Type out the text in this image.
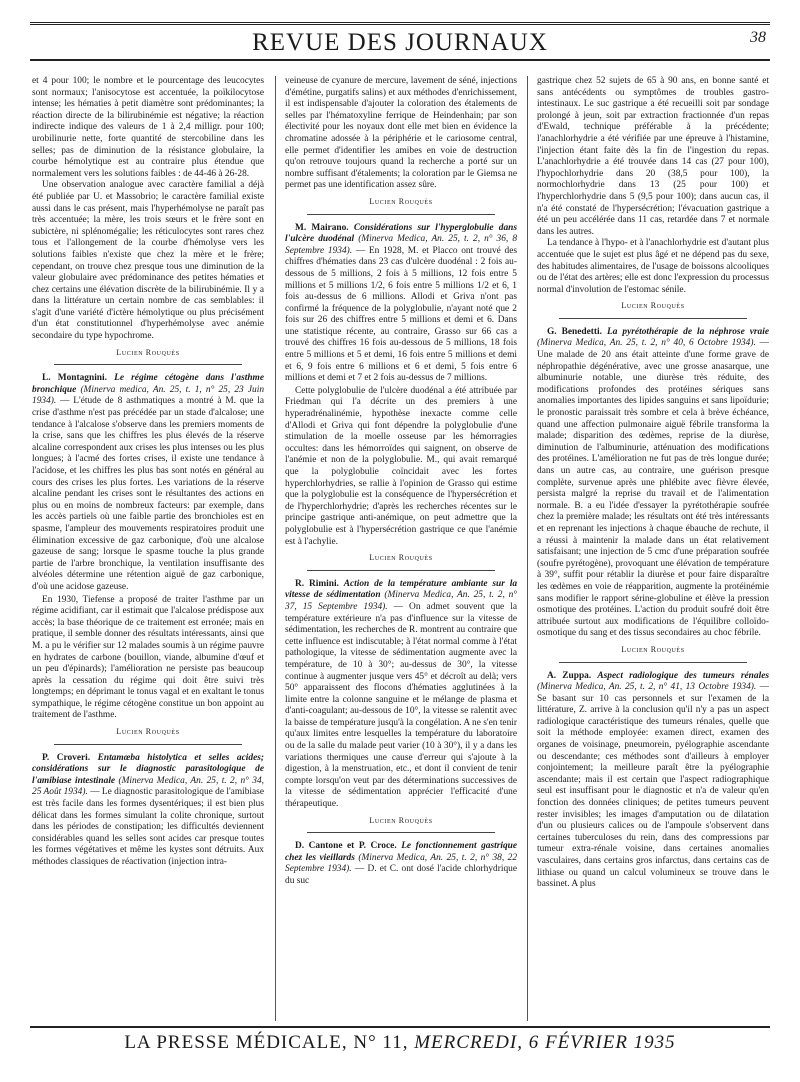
REVUE DES JOURNAUX	38

et 4 pour 100; le nombre et le pourcentage des leucocytes sont normaux; l'anisocytose est accentuée, la poïkilocytose intense; les hématies à petit diamètre sont prédominantes; la réaction directe de la bilirubinémie est négative; la réaction indirecte indique des valeurs de 1 à 2,4 milligr. pour 100; urobilinurie nette, forte quantité de stercobiline dans les selles; pas de diminution de la résistance globulaire, la courbe hémolytique est au contraire plus étendue que normalement vers les solutions faibles : de 44-46 à 26-28.

Une observation analogue avec caractère familial a déjà été publiée par U. et Massobrio; le caractère familial existe aussi dans le cas présent, mais l'hyperhémolyse ne paraît pas très accentuée; la mère, les trois sœurs et le frère sont en subictère, ni splénomégalie; les réticulocytes sont rares chez tous et l'allongement de la courbe d'hémolyse vers les solutions faibles n'existe que chez la mère et le frère; cependant, on trouve chez presque tous une diminution de la valeur globulaire avec prédominance des petites hématies et chez certains une élévation discrète de la bilirubinémie. Il y a dans la littérature un certain nombre de cas semblables: il s'agit d'une variété d'ictère hémolytique ou plus précisément d'un état constitutionnel d'hyperhémolyse avec anémie secondaire du type hypochrome.

Lucien Rouquès

L. Montagnini. Le régime cétogène dans l'asthme bronchique (Minerva medica, An. 25, t. 1, n° 25, 23 Juin 1934). — L'étude de 8 asthmatiques a montré à M. que la crise d'asthme n'est pas précédée par un stade d'alcalose; une tendance à l'alcalose s'observe dans les premiers moments de la crise, sans que les chiffres les plus élevés de la réserve alcaline correspondent aux crises les plus intenses ou les plus longues; à l'acmé des fortes crises, il existe une tendance à l'acidose, et les chiffres les plus bas sont notés en général au cours des crises les plus fortes. Les variations de la réserve alcaline pendant les crises sont le résultantes des actions en plus ou en moins de nombreux facteurs: par exemple, dans les accès partiels où une faible partie des bronchioles est en spasme, l'ampleur des mouvements respiratoires produit une élimination excessive de gaz carbonique, d'où une alcalose gazeuse de sang; lorsque le spasme touche la plus grande partie de l'arbre bronchique, la ventilation insuffisante des alvéoles détermine une rétention aiguë de gaz carbonique, d'où une acidose gazeuse.

En 1930, Tiefense a proposé de traiter l'asthme par un régime acidifiant, car il estimait que l'alcalose prédispose aux accès; la base théorique de ce traitement est erronée; mais en pratique, il semble donner des résultats intéressants, ainsi que M. a pu le vérifier sur 12 malades soumis à un régime pauvre en hydrates de carbone (bouillon, viande, albumine d'œuf et un peu d'épinards); l'amélioration ne persiste pas beaucoup après la cessation du régime qui doit être suivi très longtemps; en déprimant le tonus vagal et en exaltant le tonus sympathique, le régime cétogène constitue un bon appoint au traitement de l'asthme.

Lucien Rouquès

P. Croveri. Entamœba histolytica et selles acides; considérations sur le diagnostic parasitologique de l'amibiase intestinale (Minerva Medica, An. 25, t. 2, n° 34, 25 Août 1934). — Le diagnostic parasitologique de l'amibiase est très facile dans les formes dysentériques; il est bien plus délicat dans les formes simulant la colite chronique, surtout dans les périodes de constipation; les difficultés deviennent considérables quand les selles sont acides car presque toutes les formes végétatives et même les kystes sont détruits. Aux méthodes classiques de réactivation (injection intra-

veineuse de cyanure de mercure, lavement de séné, injections d'émétine, purgatifs salins) et aux méthodes d'enrichissement, il est indispensable d'ajouter la coloration des étalements de selles par l'hématoxyline ferrique de Heindenhain; par son électivité pour les noyaux dont elle met bien en évidence la chromatine adossée à la périphérie et le cariosome central, elle permet d'identifier les amibes en voie de destruction qu'on retrouve toujours quand la recherche a porté sur un nombre suffisant d'étalements; la coloration par le Giemsa ne permet pas une identification assez sûre.

Lucien Rouquès

M. Mairano. Considérations sur l'hyperglobulie dans l'ulcère duodénal (Minerva Medica, An. 25, t. 2, n° 36, 8 Septembre 1934). — En 1928, M. et Placco ont trouvé des chiffres d'hématies dans 23 cas d'ulcère duodénal : 2 fois au-dessous de 5 millions, 2 fois à 5 millions, 12 fois entre 5 millions et 5 millions 1/2, 6 fois entre 5 millions 1/2 et 6, 1 fois au-dessus de 6 millions. Allodi et Griva n'ont pas confirmé la fréquence de la polyglobulie, n'ayant noté que 2 fois sur 26 des chiffres entre 5 millions et demi et 6. Dans une statistique récente, au contraire, Grasso sur 66 cas a trouvé des chiffres 16 fois au-dessous de 5 millions, 18 fois entre 5 millions et 5 et demi, 16 fois entre 5 millions et demi et 6, 9 fois entre 6 millions et 6 et demi, 5 fois entre 6 millions et demi et 7 et 2 fois au-dessus de 7 millions.

Cette polyglobulie de l'ulcère duodénal a été attribuée par Friedman qui l'a décrite un des premiers à une hyperadrénalinémie, hypothèse inexacte comme celle d'Allodi et Griva qui font dépendre la polyglobulie d'une stimulation de la moelle osseuse par les hémorragies occultes: dans les hémorroïdes qui saignent, on observe de l'anémie et non de la polyglobulie. M., qui avait remarqué que la polyglobulie coïncidait avec les fortes hyperchlorhydries, se rallie à l'opinion de Grasso qui estime que la polyglobulie est la conséquence de l'hypersécrétion et de l'hyperchlorhydrie; d'après les recherches récentes sur le principe gastrique anti-anémique, on peut admettre que la polyglobulie est à l'hypersécrétion gastrique ce que l'anémie est à l'achylie.

Lucien Rouquès

R. Rimini. Action de la température ambiante sur la vitesse de sédimentation (Minerva Medica, An. 25, t. 2, n° 37, 15 Septembre 1934). — On admet souvent que la température extérieure n'a pas d'influence sur la vitesse de sédimentation, les recherches de R. montrent au contraire que cette influence est indiscutable; à l'état normal comme à l'état pathologique, la vitesse de sédimentation augmente avec la température, de 10 à 30°; au-dessus de 30°, la vitesse continue à augmenter jusque vers 45° et décroît au delà; vers 50° apparaissent des flocons d'hématies agglutinées à la limite entre la colonne sanguine et le mélange de plasma et d'anti-coagulant; au-dessous de 10°, la vitesse se ralentit avec la baisse de température jusqu'à la congélation. A ne s'en tenir qu'aux limites entre lesquelles la température du laboratoire ou de la salle du malade peut varier (10 à 30°), il y a dans les variations thermiques une cause d'erreur qui s'ajoute à la digestion, à la menstruation, etc., et dont il convient de tenir compte lorsqu'on veut par des déterminations successives de la vitesse de sédimentation apprécier l'efficacité d'une thérapeutique.

Lucien Rouquès

D. Cantone et P. Croce. Le fonctionnement gastrique chez les vieillards (Minerva Medica, An. 25, t. 2, n° 38, 22 Septembre 1934). — D. et C. ont dosé l'acide chlorhydrique du suc

gastrique chez 52 sujets de 65 à 90 ans, en bonne santé et sans antécédents ou symptômes de troubles gastro-intestinaux. Le suc gastrique a été recueilli soit par sondage prolongé à jeun, soit par extraction fractionnée d'un repas d'Ewald, technique préférable à la précédente; l'anachlorhydrie a été vérifiée par une épreuve à l'histamine, l'injection étant faite dès la fin de l'ingestion du repas. L'anachlorhydrie a été trouvée dans 14 cas (27 pour 100), l'hypochlorhydrie dans 20 (38,5 pour 100), la normochlorhydrie dans 13 (25 pour 100) et l'hyperchlorhydrie dans 5 (9,5 pour 100); dans aucun cas, il n'a été constaté de l'hypersécrétion; l'évacuation gastrique a été un peu accélérée dans 11 cas, retardée dans 7 et normale dans les autres.

La tendance à l'hypo- et à l'anachlorhydrie est d'autant plus accentuée que le sujet est plus âgé et ne dépend pas du sexe, des habitudes alimentaires, de l'usage de boissons alcooliques ou de l'état des artères; elle est donc l'expression du processus normal d'involution de l'estomac sénile.

Lucien Rouquès

G. Benedetti. La pyrétothérapie de la néphrose vraie (Minerva Medica, An. 25, t. 2, n° 40, 6 Octobre 1934). — Une malade de 20 ans était atteinte d'une forme grave de néphropathie dégénérative, avec une grosse anasarque, une albuminurie notable, une diurèse très réduite, des modifications profondes des protéines sériques sans anomalies importantes des lipides sanguins et sans lipoïdurie; le pronostic paraissait très sombre et cela à brève échéance, quand une affection pulmonaire aiguë fébrile transforma la malade; disparition des œdèmes, reprise de la diurèse, diminution de l'albuminurie, atténuation des modifications des protéines. L'amélioration ne fut pas de très longue durée; dans un autre cas, au contraire, une guérison presque complète, survenue après une phlébite avec fièvre élevée, persista malgré la reprise du travail et de l'alimentation normale. B. a eu l'idée d'essayer la pyrétothérapie soufrée chez la première malade; les résultats ont été très intéressants et en reprenant les injections à chaque ébauche de rechute, il a réussi à maintenir la malade dans un état relativement satisfaisant; une injection de 5 cmc d'une préparation soufrée (soufre pyrétogène), provoquant une élévation de température à 39°, suffit pour rétablir la diurèse et pour faire disparaître les œdèmes en voie de réapparition, augmente la protéinémie sans modifier le rapport sérine-globuline et élève la pression osmotique des protéines. L'action du produit soufré doit être attribuée surtout aux modifications de l'équilibre colloïdo-osmotique du sang et des tissus secondaires au choc fébrile.

Lucien Rouquès

A. Zuppa. Aspect radiologique des tumeurs rénales (Minerva Medica, An. 25, t. 2, n° 41, 13 Octobre 1934). — Se basant sur 10 cas personnels et sur l'examen de la littérature, Z. arrive à la conclusion qu'il n'y a pas un aspect radiologique caractéristique des tumeurs rénales, quelle que soit la méthode employée: examen direct, examen des organes de voisinage, pneumorein, pyélographie ascendante ou descendante; ces méthodes sont d'ailleurs à employer conjointement; la meilleure paraît être la pyélographie ascendante; mais il est certain que l'aspect radiographique seul est insuffisant pour le diagnostic et n'a de valeur qu'en fonction des données cliniques; de petites tumeurs peuvent rester invisibles; les images d'amputation ou de dilatation d'un ou plusieurs calices ou de l'ampoule s'observent dans certaines tuberculoses du rein, dans des compressions par tumeur extra-rénale voisine, dans certaines anomalies vasculaires, dans certains gros infarctus, dans certains cas de lithiase ou quand un calcul volumineux se trouve dans le bassinet. A plus

LA PRESSE MÉDICALE, N° 11, MERCREDI, 6 FÉVRIER 1935
